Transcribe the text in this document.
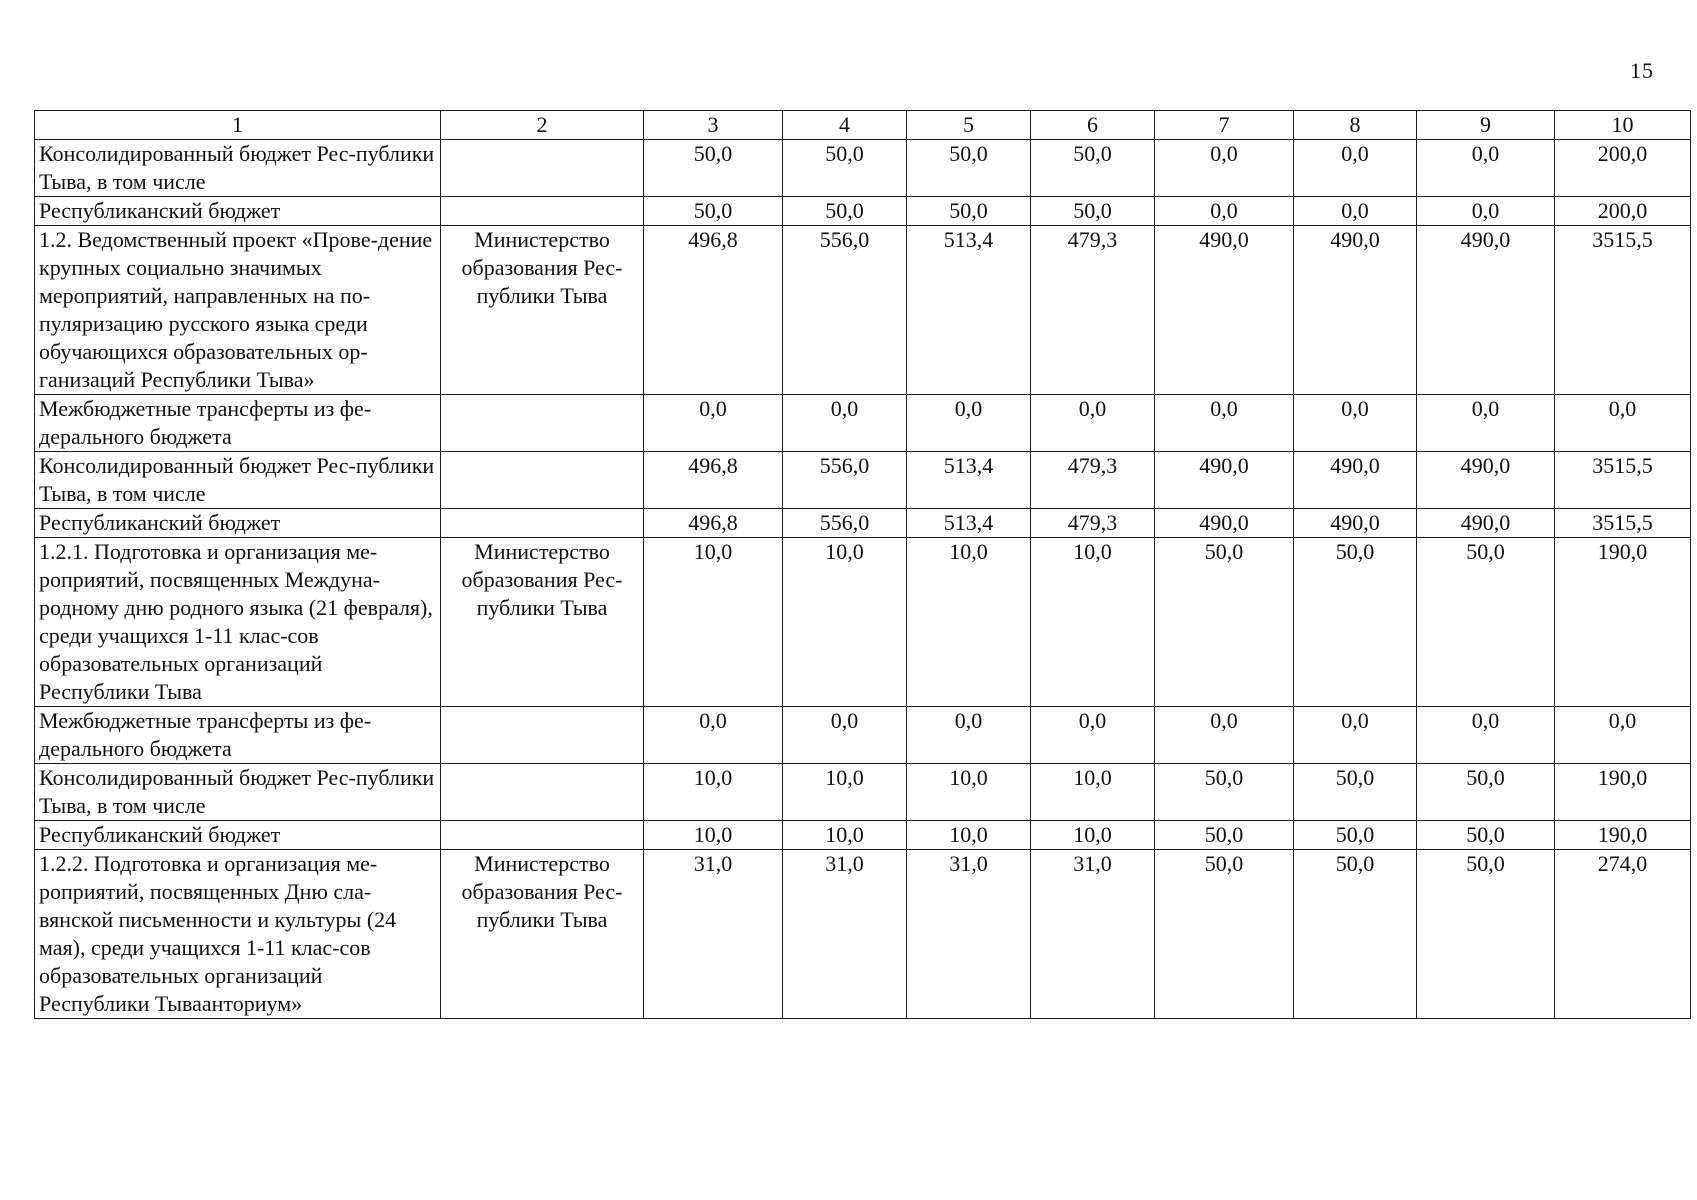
15
1	2	3	4	5	6	7	8	9	10
Консолидированный бюджет Рес-публики Тыва, в том числе		50,0	50,0	50,0	50,0	0,0	0,0	0,0	200,0
Республиканский бюджет		50,0	50,0	50,0	50,0	0,0	0,0	0,0	200,0
1.2. Ведомственный проект «Прове-дение крупных социально значимых мероприятий, направленных на по-пуляризацию русского языка среди обучающихся образовательных ор-ганизаций Республики Тыва»	Министерство образования Рес-публики Тыва	496,8	556,0	513,4	479,3	490,0	490,0	490,0	3515,5
Межбюджетные трансферты из фе-дерального бюджета		0,0	0,0	0,0	0,0	0,0	0,0	0,0	0,0
Консолидированный бюджет Рес-публики Тыва, в том числе		496,8	556,0	513,4	479,3	490,0	490,0	490,0	3515,5
Республиканский бюджет		496,8	556,0	513,4	479,3	490,0	490,0	490,0	3515,5
1.2.1. Подготовка и организация ме-роприятий, посвященных Междуна-родному дню родного языка (21 февраля), среди учащихся 1-11 клас-сов образовательных организаций Республики Тыва	Министерство образования Рес-публики Тыва	10,0	10,0	10,0	10,0	50,0	50,0	50,0	190,0
Межбюджетные трансферты из фе-дерального бюджета		0,0	0,0	0,0	0,0	0,0	0,0	0,0	0,0
Консолидированный бюджет Рес-публики Тыва, в том числе		10,0	10,0	10,0	10,0	50,0	50,0	50,0	190,0
Республиканский бюджет		10,0	10,0	10,0	10,0	50,0	50,0	50,0	190,0
1.2.2. Подготовка и организация ме-роприятий, посвященных Дню сла-вянской письменности и культуры (24 мая), среди учащихся 1-11 клас-сов образовательных организаций Республики Тываанториум»	Министерство образования Рес-публики Тыва	31,0	31,0	31,0	31,0	50,0	50,0	50,0	274,0
